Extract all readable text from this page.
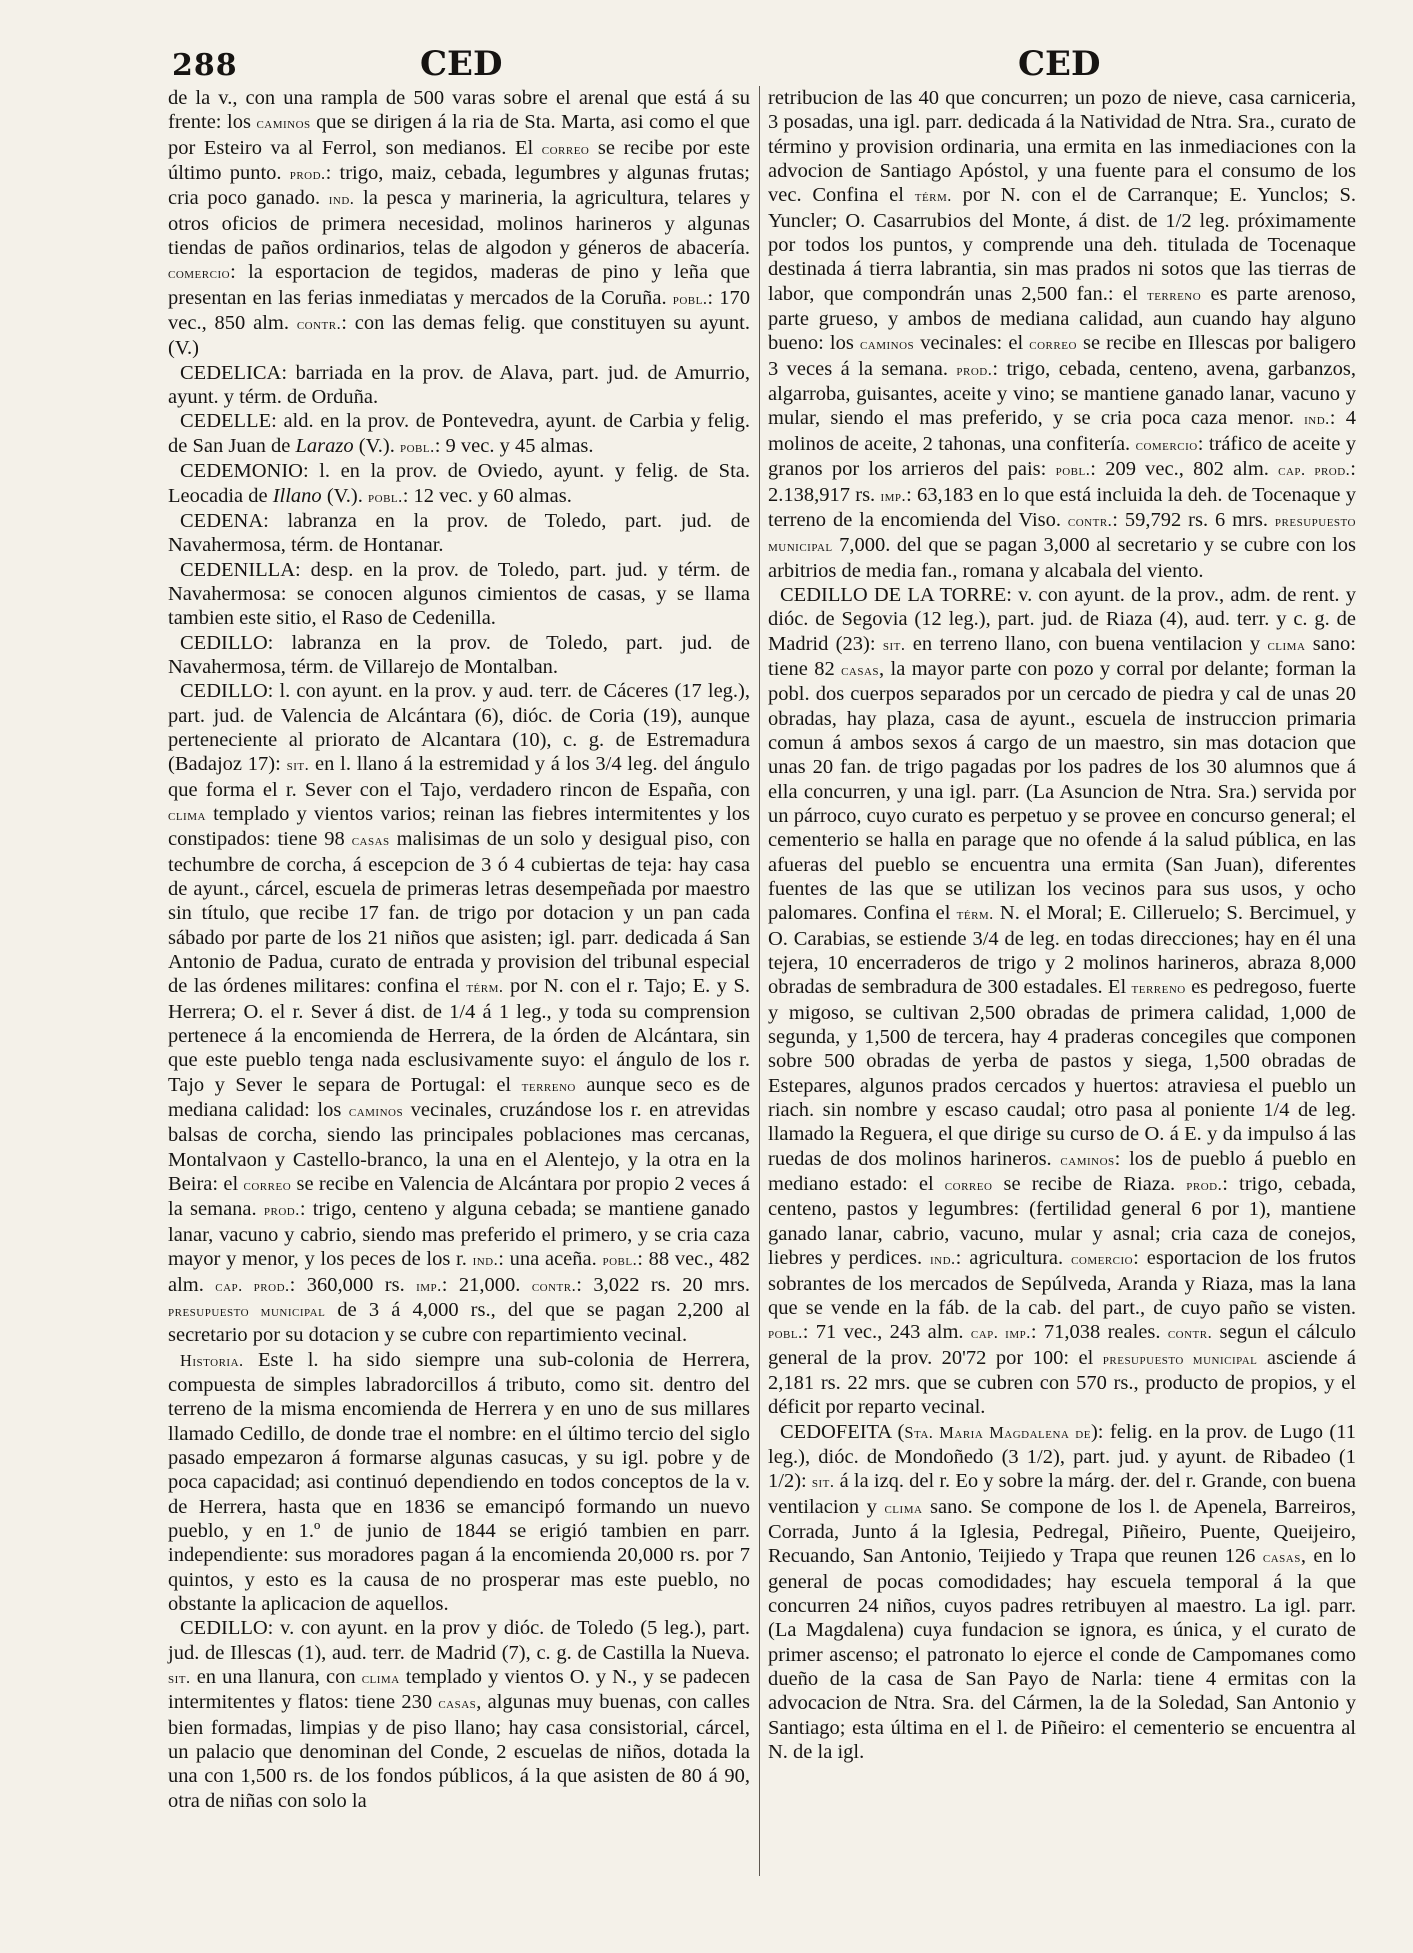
288	CED	CED

de la v., con una rampla de 500 varas sobre el arenal que está á su frente: los caminos que se dirigen á la ria de Sta. Marta, asi como el que por Esteiro va al Ferrol, son medianos. El correo se recibe por este último punto. prod.: trigo, maiz, cebada, legumbres y algunas frutas; cria poco ganado. ind. la pesca y marineria, la agricultura, telares y otros oficios de primera necesidad, molinos harineros y algunas tiendas de paños ordinarios, telas de algodon y géneros de abacería. comercio: la esportacion de tegidos, maderas de pino y leña que presentan en las ferias inmediatas y mercados de la Coruña. pobl.: 170 vec., 850 alm. contr.: con las demas felig. que constituyen su ayunt. (V.)

CEDELICA: barriada en la prov. de Alava, part. jud. de Amurrio, ayunt. y térm. de Orduña.

CEDELLE: ald. en la prov. de Pontevedra, ayunt. de Carbia y felig. de San Juan de Larazo (V.). pobl.: 9 vec. y 45 almas.

CEDEMONIO: l. en la prov. de Oviedo, ayunt. y felig. de Sta. Leocadia de Illano (V.). pobl.: 12 vec. y 60 almas.

CEDENA: labranza en la prov. de Toledo, part. jud. de Navahermosa, térm. de Hontanar.

CEDENILLA: desp. en la prov. de Toledo, part. jud. y térm. de Navahermosa: se conocen algunos cimientos de casas, y se llama tambien este sitio, el Raso de Cedenilla.

CEDILLO: labranza en la prov. de Toledo, part. jud. de Navahermosa, térm. de Villarejo de Montalban.

CEDILLO: l. con ayunt. en la prov. y aud. terr. de Cáceres (17 leg.), part. jud. de Valencia de Alcántara (6), dióc. de Coria (19), aunque perteneciente al priorato de Alcantara (10), c. g. de Estremadura (Badajoz 17): sit. en l. llano á la estremidad y á los 3/4 leg. del ángulo que forma el r. Sever con el Tajo, verdadero rincon de España, con clima templado y vientos varios; reinan las fiebres intermitentes y los constipados: tiene 98 casas malisimas de un solo y desigual piso, con techumbre de corcha, á escepcion de 3 ó 4 cubiertas de teja: hay casa de ayunt., cárcel, escuela de primeras letras desempeñada por maestro sin título, que recibe 17 fan. de trigo por dotacion y un pan cada sábado por parte de los 21 niños que asisten; igl. parr. dedicada á San Antonio de Padua, curato de entrada y provision del tribunal especial de las órdenes militares: confina el térm. por N. con el r. Tajo; E. y S. Herrera; O. el r. Sever á dist. de 1/4 á 1 leg., y toda su comprension pertenece á la encomienda de Herrera, de la órden de Alcántara, sin que este pueblo tenga nada esclusivamente suyo: el ángulo de los r. Tajo y Sever le separa de Portugal: el terreno aunque seco es de mediana calidad: los caminos vecinales, cruzándose los r. en atrevidas balsas de corcha, siendo las principales poblaciones mas cercanas, Montalvaon y Castello-branco, la una en el Alentejo, y la otra en la Beira: el correo se recibe en Valencia de Alcántara por propio 2 veces á la semana. prod.: trigo, centeno y alguna cebada; se mantiene ganado lanar, vacuno y cabrio, siendo mas preferido el primero, y se cria caza mayor y menor, y los peces de los r. ind.: una aceña. pobl.: 88 vec., 482 alm. cap. prod.: 360,000 rs. imp.: 21,000. contr.: 3,022 rs. 20 mrs. presupuesto municipal de 3 á 4,000 rs., del que se pagan 2,200 al secretario por su dotacion y se cubre con repartimiento vecinal.

Historia. Este l. ha sido siempre una sub-colonia de Herrera, compuesta de simples labradorcillos á tributo, como sit. dentro del terreno de la misma encomienda de Herrera y en uno de sus millares llamado Cedillo, de donde trae el nombre: en el último tercio del siglo pasado empezaron á formarse algunas casucas, y su igl. pobre y de poca capacidad; asi continuó dependiendo en todos conceptos de la v. de Herrera, hasta que en 1836 se emancipó formando un nuevo pueblo, y en 1.º de junio de 1844 se erigió tambien en parr. independiente: sus moradores pagan á la encomienda 20,000 rs. por 7 quintos, y esto es la causa de no prosperar mas este pueblo, no obstante la aplicacion de aquellos.

CEDILLO: v. con ayunt. en la prov y dióc. de Toledo (5 leg.), part. jud. de Illescas (1), aud. terr. de Madrid (7), c. g. de Castilla la Nueva. sit. en una llanura, con clima templado y vientos O. y N., y se padecen intermitentes y flatos: tiene 230 casas, algunas muy buenas, con calles bien formadas, limpias y de piso llano; hay casa consistorial, cárcel, un palacio que denominan del Conde, 2 escuelas de niños, dotada la una con 1,500 rs. de los fondos públicos, á la que asisten de 80 á 90, otra de niñas con solo la

retribucion de las 40 que concurren; un pozo de nieve, casa carniceria, 3 posadas, una igl. parr. dedicada á la Natividad de Ntra. Sra., curato de término y provision ordinaria, una ermita en las inmediaciones con la advocion de Santiago Apóstol, y una fuente para el consumo de los vec. Confina el térm. por N. con el de Carranque; E. Yunclos; S. Yuncler; O. Casarrubios del Monte, á dist. de 1/2 leg. próximamente por todos los puntos, y comprende una deh. titulada de Tocenaque destinada á tierra labrantia, sin mas prados ni sotos que las tierras de labor, que compondrán unas 2,500 fan.: el terreno es parte arenoso, parte grueso, y ambos de mediana calidad, aun cuando hay alguno bueno: los caminos vecinales: el correo se recibe en Illescas por baligero 3 veces á la semana. prod.: trigo, cebada, centeno, avena, garbanzos, algarroba, guisantes, aceite y vino; se mantiene ganado lanar, vacuno y mular, siendo el mas preferido, y se cria poca caza menor. ind.: 4 molinos de aceite, 2 tahonas, una confitería. comercio: tráfico de aceite y granos por los arrieros del pais: pobl.: 209 vec., 802 alm. cap. prod.: 2.138,917 rs. imp.: 63,183 en lo que está incluida la deh. de Tocenaque y terreno de la encomienda del Viso. contr.: 59,792 rs. 6 mrs. presupuesto municipal 7,000. del que se pagan 3,000 al secretario y se cubre con los arbitrios de media fan., romana y alcabala del viento.

CEDILLO DE LA TORRE: v. con ayunt. de la prov., adm. de rent. y dióc. de Segovia (12 leg.), part. jud. de Riaza (4), aud. terr. y c. g. de Madrid (23): sit. en terreno llano, con buena ventilacion y clima sano: tiene 82 casas, la mayor parte con pozo y corral por delante; forman la pobl. dos cuerpos separados por un cercado de piedra y cal de unas 20 obradas, hay plaza, casa de ayunt., escuela de instruccion primaria comun á ambos sexos á cargo de un maestro, sin mas dotacion que unas 20 fan. de trigo pagadas por los padres de los 30 alumnos que á ella concurren, y una igl. parr. (La Asuncion de Ntra. Sra.) servida por un párroco, cuyo curato es perpetuo y se provee en concurso general; el cementerio se halla en parage que no ofende á la salud pública, en las afueras del pueblo se encuentra una ermita (San Juan), diferentes fuentes de las que se utilizan los vecinos para sus usos, y ocho palomares. Confina el térm. N. el Moral; E. Cilleruelo; S. Bercimuel, y O. Carabias, se estiende 3/4 de leg. en todas direcciones; hay en él una tejera, 10 encerraderos de trigo y 2 molinos harineros, abraza 8,000 obradas de sembradura de 300 estadales. El terreno es pedregoso, fuerte y migoso, se cultivan 2,500 obradas de primera calidad, 1,000 de segunda, y 1,500 de tercera, hay 4 praderas concegiles que componen sobre 500 obradas de yerba de pastos y siega, 1,500 obradas de Estepares, algunos prados cercados y huertos: atraviesa el pueblo un riach. sin nombre y escaso caudal; otro pasa al poniente 1/4 de leg. llamado la Reguera, el que dirige su curso de O. á E. y da impulso á las ruedas de dos molinos harineros. caminos: los de pueblo á pueblo en mediano estado: el correo se recibe de Riaza. prod.: trigo, cebada, centeno, pastos y legumbres: (fertilidad general 6 por 1), mantiene ganado lanar, cabrio, vacuno, mular y asnal; cria caza de conejos, liebres y perdices. ind.: agricultura. comercio: esportacion de los frutos sobrantes de los mercados de Sepúlveda, Aranda y Riaza, mas la lana que se vende en la fáb. de la cab. del part., de cuyo paño se visten. pobl.: 71 vec., 243 alm. cap. imp.: 71,038 reales. contr. segun el cálculo general de la prov. 20'72 por 100: el presupuesto municipal asciende á 2,181 rs. 22 mrs. que se cubren con 570 rs., producto de propios, y el déficit por reparto vecinal.

CEDOFEITA (Sta. Maria Magdalena de): felig. en la prov. de Lugo (11 leg.), dióc. de Mondoñedo (3 1/2), part. jud. y ayunt. de Ribadeo (1 1/2): sit. á la izq. del r. Eo y sobre la márg. der. del r. Grande, con buena ventilacion y clima sano. Se compone de los l. de Apenela, Barreiros, Corrada, Junto á la Iglesia, Pedregal, Piñeiro, Puente, Queijeiro, Recuando, San Antonio, Teijiedo y Trapa que reunen 126 casas, en lo general de pocas comodidades; hay escuela temporal á la que concurren 24 niños, cuyos padres retribuyen al maestro. La igl. parr. (La Magdalena) cuya fundacion se ignora, es única, y el curato de primer ascenso; el patronato lo ejerce el conde de Campomanes como dueño de la casa de San Payo de Narla: tiene 4 ermitas con la advocacion de Ntra. Sra. del Cármen, la de la Soledad, San Antonio y Santiago; esta última en el l. de Piñeiro: el cementerio se encuentra al N. de la igl.
